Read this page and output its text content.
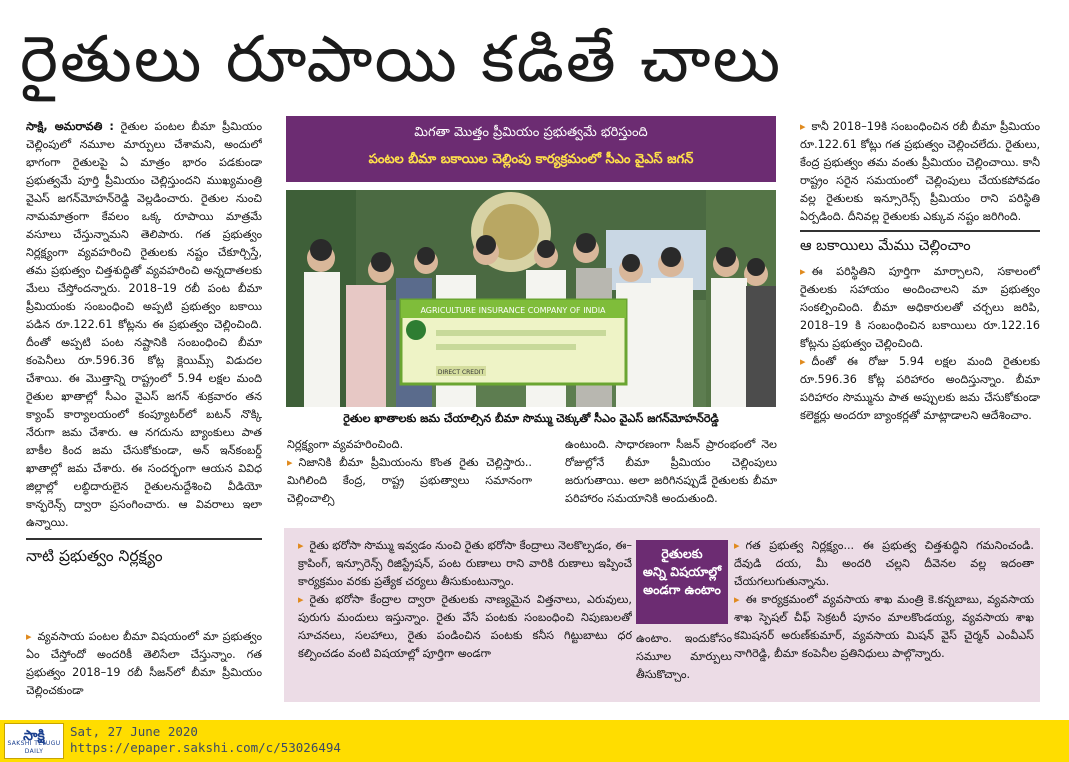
రైతులు రూపాయి కడితే చాలు

సాక్షి, అమరావతి : రైతుల పంటల బీమా ప్రీమియం చెల్లింపులో నమూల మార్పులు చేశామని, అందులో భాగంగా రైతులపై ఏ మాత్రం భారం పడకుండా ప్రభుత్వమే పూర్తి ప్రీమియం చెల్లిస్తుందని ముఖ్యమంత్రి వైఎస్ జగన్‌మోహన్‌రెడ్డి వెల్లడించారు. రైతుల నుంచి నామమాత్రంగా కేవలం ఒక్క రూపాయి మాత్రమే వసూలు చేస్తున్నామని తెలిపారు. గత ప్రభుత్వం నిర్లక్ష్యంగా వ్యవహరించి రైతులకు నష్టం చేకూర్చిస్తే, తమ ప్రభుత్వం చిత్తశుద్ధితో వ్యవహరించి అన్నదాతలకు మేలు చేస్తోందన్నారు. 2018–19 రబీ పంట బీమా ప్రీమియంకు సంబంధించి అప్పటి ప్రభుత్వం బకాయి పడిన రూ.122.61 కోట్లను ఈ ప్రభుత్వం చెల్లించింది. దీంతో అప్పటి పంట నష్టానికి సంబంధించి బీమా కంపెనీలు రూ.596.36 కోట్ల క్లెయిమ్స్ విడుదల చేశాయి. ఈ మొత్తాన్ని రాష్ట్రంలో 5.94 లక్షల మంది రైతుల ఖాతాల్లో సీఎం వైఎస్ జగన్ శుక్రవారం తన క్యాంప్ కార్యాలయంలో కంప్యూటర్‌లో బటన్ నొక్కి నేరుగా జమ చేశారు. ఆ నగదును బ్యాంకులు పాత బాకీల కింద జమ చేసుకోకుండా, అన్ ఇన్‌కంబర్డ్ ఖాతాల్లో జమ చేశారు. ఈ సందర్భంగా ఆయన వివిధ జిల్లాల్లో లబ్ధిదారులైన రైతులనుద్దేశించి వీడియో కాన్ఫరెన్స్ ద్వారా ప్రసంగించారు. ఆ వివరాలు ఇలా ఉన్నాయి.

నాటి ప్రభుత్వం నిర్లక్ష్యం

▸ వ్యవసాయ పంటల బీమా విషయంలో మా ప్రభుత్వం ఏం చేస్తోందో అందరికీ తెలిసేలా చేస్తున్నాం. గత ప్రభుత్వం 2018–19 రబీ సీజన్‌లో బీమా ప్రీమియం చెల్లించకుండా

మిగతా మొత్తం ప్రీమియం ప్రభుత్వమే భరిస్తుంది
పంటల బీమా బకాయిల చెల్లింపు కార్యక్రమంలో సీఎం వైఎస్ జగన్
AGRICULTURE INSURANCE COMPANY OF INDIA
DIRECT CREDIT
రైతుల ఖాతాలకు జమ చేయాల్సిన బీమా సొమ్ము చెక్కుతో సీఎం వైఎస్ జగన్‌మోహన్‌రెడ్డి

నిర్లక్ష్యంగా వ్యవహరించింది.

▸ నిజానికి బీమా ప్రీమియంను కొంత రైతు చెల్లిస్తారు.. మిగిలింది కేంద్ర, రాష్ట్ర ప్రభుత్వాలు సమానంగా చెల్లించాల్సి

ఉంటుంది. సాధారణంగా సీజన్ ప్రారంభంలో నెల రోజుల్లోనే బీమా ప్రీమియం చెల్లింపులు జరుగుతాయి. అలా జరిగినప్పుడే రైతులకు బీమా పరిహారం సమయానికి అందుతుంది.

▸ కానీ 2018–19కి సంబంధించిన రబీ బీమా ప్రీమియం రూ.122.61 కోట్లు గత ప్రభుత్వం చెల్లించలేదు. రైతులు, కేంద్ర ప్రభుత్వం తమ వంతు ప్రీమియం చెల్లించాయి. కానీ రాష్ట్రం సరైన సమయంలో చెల్లింపులు చేయకపోవడం వల్ల రైతులకు ఇన్సూరెన్స్ ప్రీమియం రాని పరిస్థితి ఏర్పడింది. దీనివల్ల రైతులకు ఎక్కువ నష్టం జరిగింది.

ఆ బకాయిలు మేము చెల్లించాం

▸ ఈ పరిస్థితిని పూర్తిగా మార్చాలని, సకాలంలో రైతులకు సహాయం అందించాలని మా ప్రభుత్వం సంకల్పించింది. బీమా అధికారులతో చర్చలు జరిపి, 2018–19 కి సంబంధించిన బకాయిలు రూ.122.16 కోట్లను ప్రభుత్వం చెల్లించింది.

▸ దీంతో ఈ రోజు 5.94 లక్షల మంది రైతులకు రూ.596.36 కోట్ల పరిహారం అందిస్తున్నాం. బీమా పరిహారం సొమ్మును పాత అప్పులకు జమ చేసుకోకుండా కలెక్టర్లు అందరూ బ్యాంకర్లతో మాట్లాడాలని ఆదేశించాం.

▸ రైతు భరోసా సొమ్ము ఇవ్వడం నుంచి రైతు భరోసా కేంద్రాలు నెలకొల్పడం, ఈ–క్రాపింగ్, ఇన్సూరెన్స్ రిజిస్ట్రేషన్, పంట రుణాలు రాని వారికి రుణాలు ఇప్పించే కార్యక్రమం వరకు ప్రత్యేక చర్యలు తీసుకుంటున్నాం.

▸ రైతు భరోసా కేంద్రాల ద్వారా రైతులకు నాణ్యమైన విత్తనాలు, ఎరువులు, పురుగు మందులు ఇస్తున్నాం. రైతు వేసే పంటకు సంబంధించి నిపుణులతో సూచనలు, సలహాలు, రైతు పండించిన పంటకు కనీస గిట్టుబాటు ధర కల్పించడం వంటి విషయాల్లో పూర్తిగా అండగా

రైతులకు
అన్ని విషయాల్లో
అండగా ఉంటాం

ఉంటాం. ఇందుకోసం సమూల మార్పులు తీసుకొచ్చాం.

▸ గత ప్రభుత్వ నిర్లక్ష్యం... ఈ ప్రభుత్వ చిత్తశుద్ధిని గమనించండి. దేవుడి దయ, మీ అందరి చల్లని దీవెనల వల్ల ఇదంతా చేయగలుగుతున్నాను.

▸ ఈ కార్యక్రమంలో వ్యవసాయ శాఖ మంత్రి కె.కన్నబాబు, వ్యవసాయ శాఖ స్పెషల్ చీఫ్ సెక్రటరీ పూనం మాలకొండయ్య, వ్యవసాయ శాఖ కమిషనర్ అరుణ్‌కుమార్, వ్యవసాయ మిషన్ వైస్ చైర్మన్ ఎంవీఎస్ నాగిరెడ్డి, బీమా కంపెనీల ప్రతినిధులు పాల్గొన్నారు.

సాక్షి
SAKSHI TELUGU DAILY
Sat, 27 June 2020
https://epaper.sakshi.com/c/53026494
